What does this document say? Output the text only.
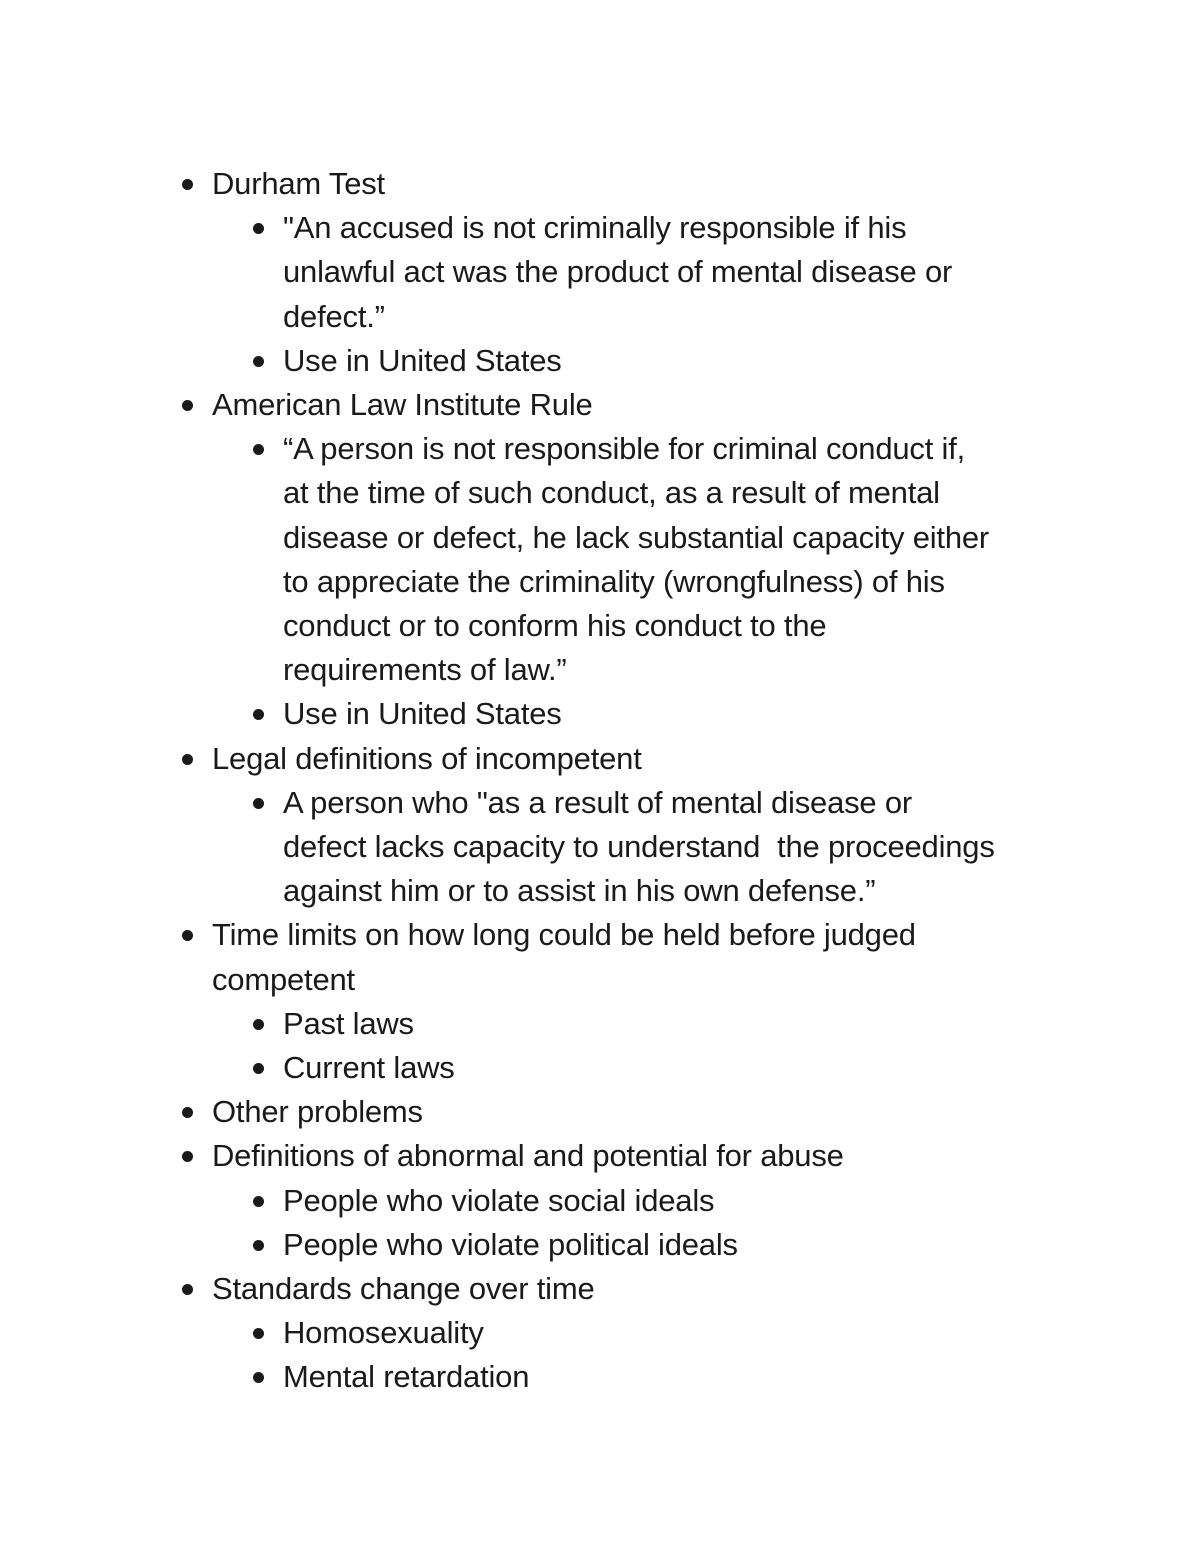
Durham Test
"An accused is not criminally responsible if his
unlawful act was the product of mental disease or
defect.”
Use in United States
American Law Institute Rule
“A person is not responsible for criminal conduct if,
at the time of such conduct, as a result of mental
disease or defect, he lack substantial capacity either
to appreciate the criminality (wrongfulness) of his
conduct or to conform his conduct to the
requirements of law.”
Use in United States
Legal definitions of incompetent
A person who "as a result of mental disease or
defect lacks capacity to understand  the proceedings
against him or to assist in his own defense.”
Time limits on how long could be held before judged
competent
Past laws
Current laws
Other problems
Definitions of abnormal and potential for abuse
People who violate social ideals
People who violate political ideals
Standards change over time
Homosexuality
Mental retardation
